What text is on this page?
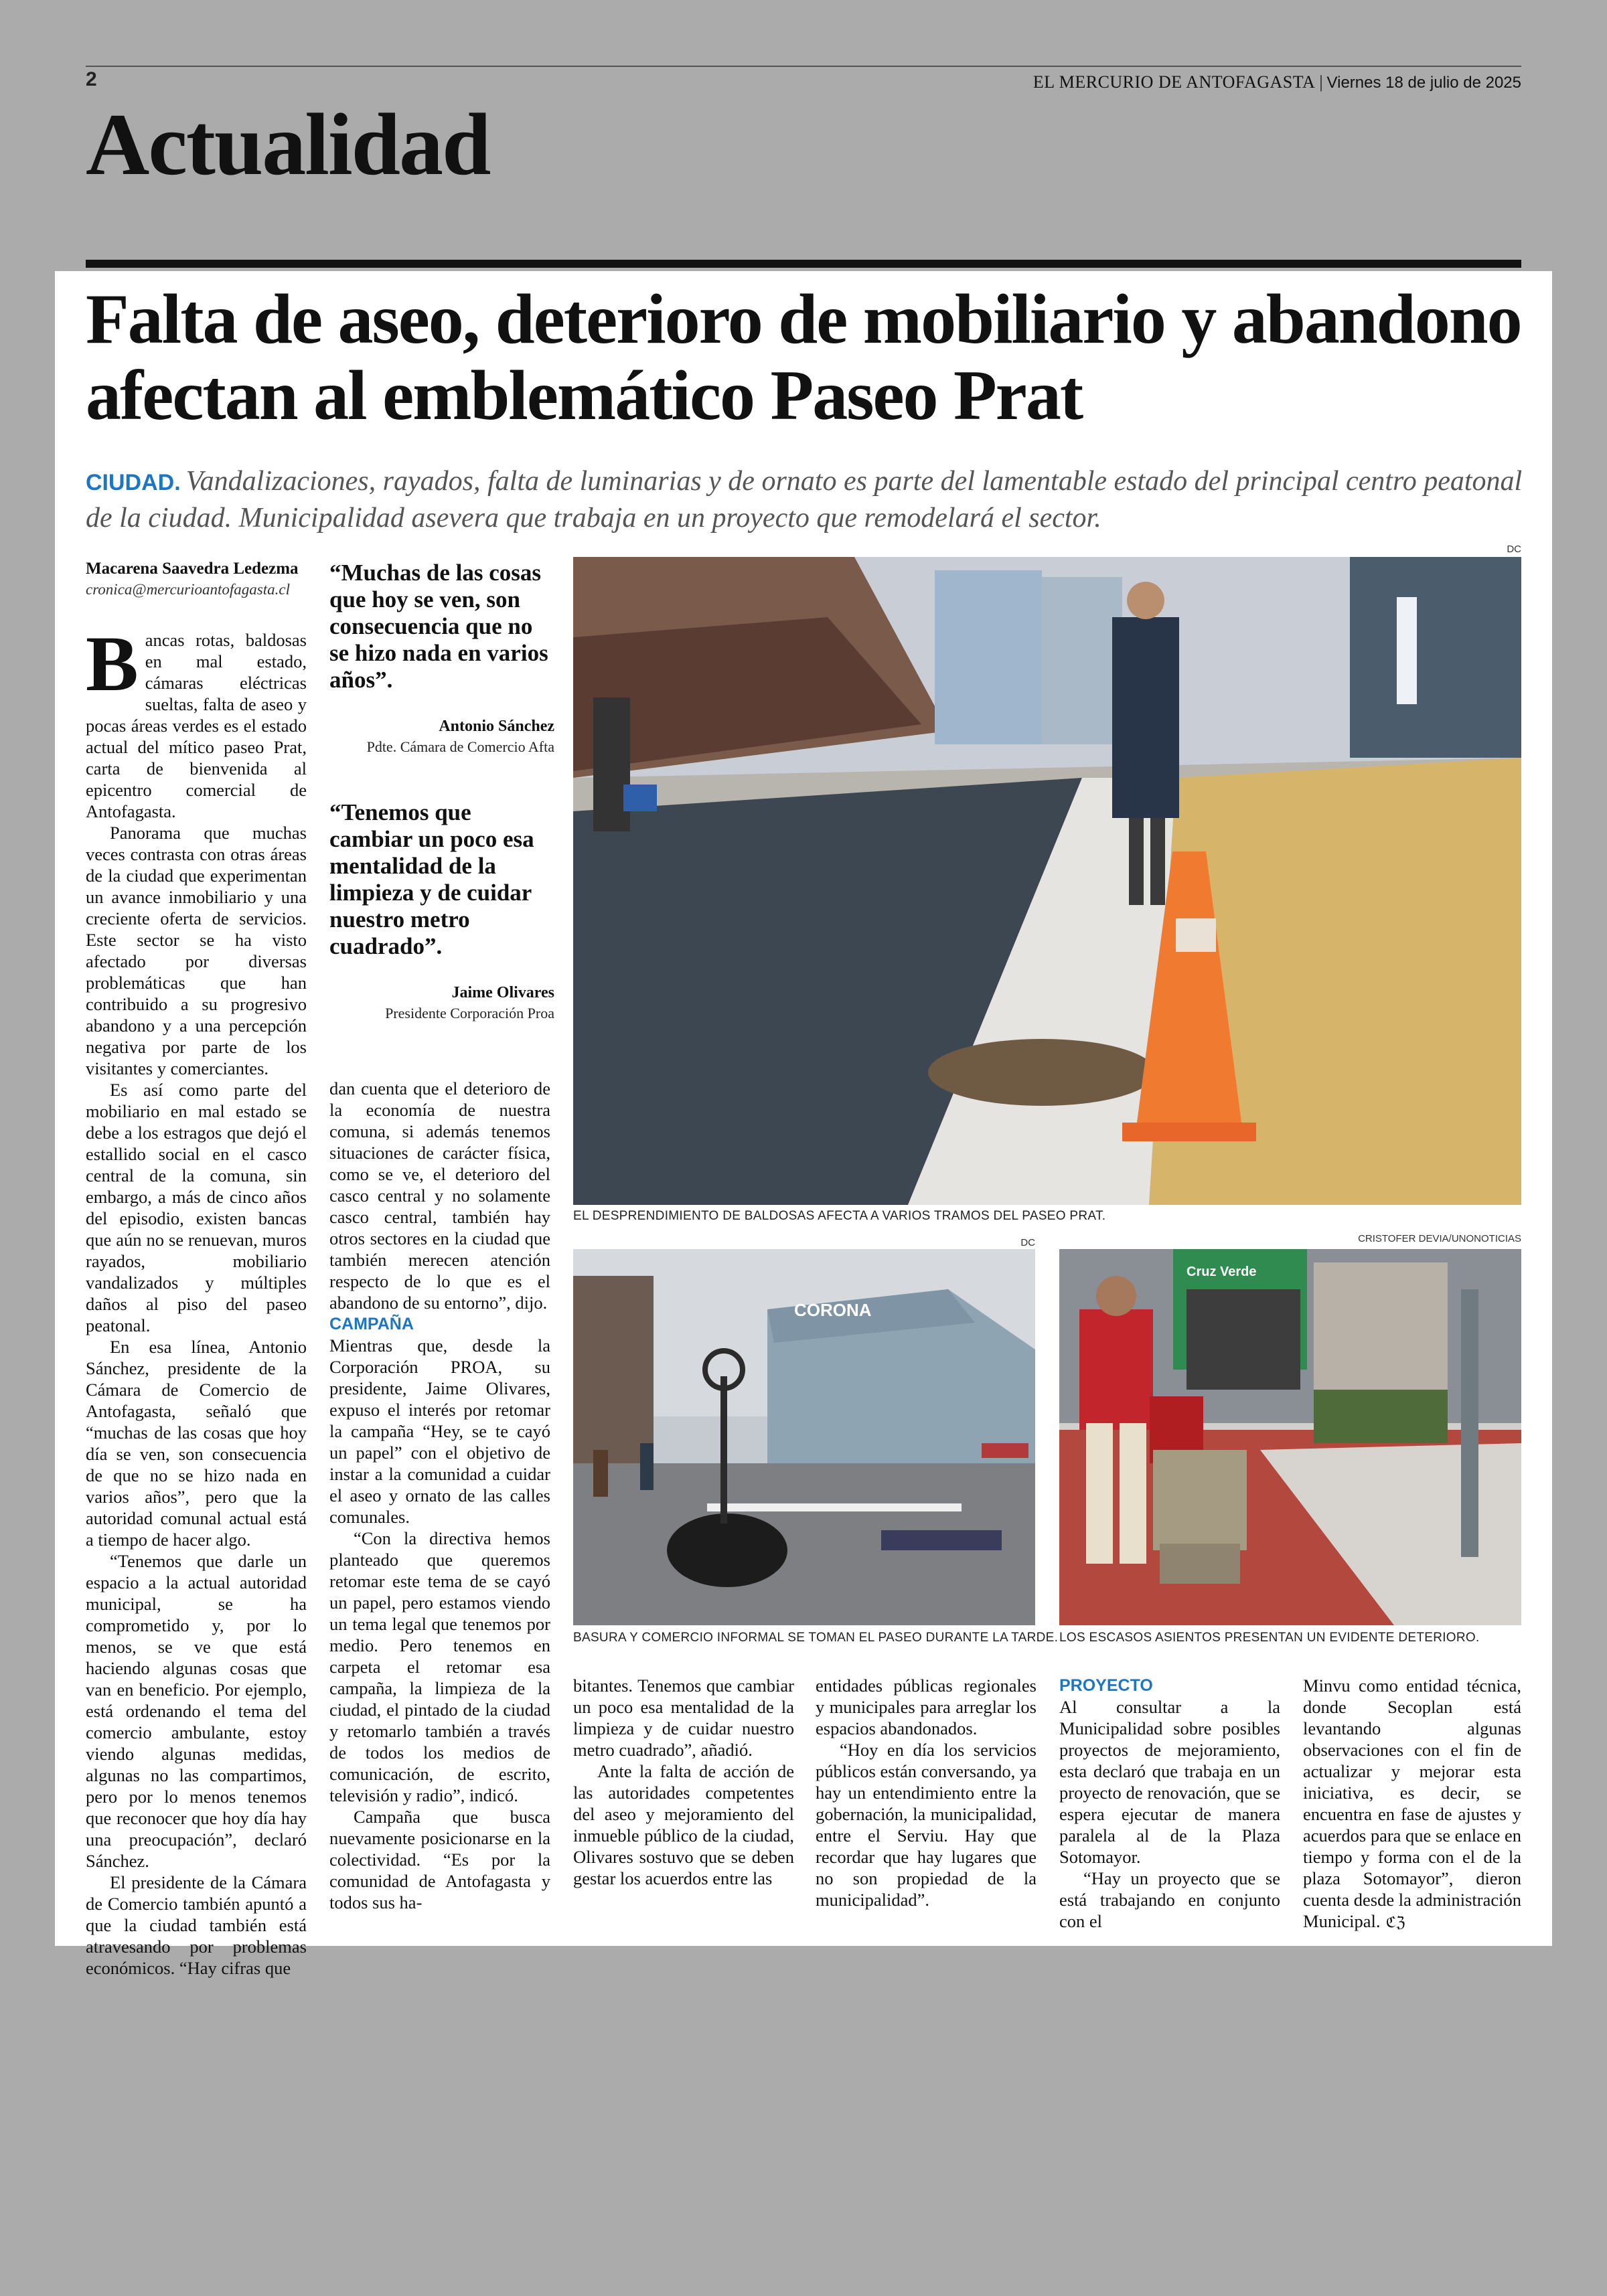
2	EL MERCURIO DE ANTOFAGASTA | Viernes 18 de julio de 2025
Actualidad
Falta de aseo, deterioro de mobiliario y abandono afectan al emblemático Paseo Prat
CIUDAD. Vandalizaciones, rayados, falta de luminarias y de ornato es parte del lamentable estado del principal centro peatonal de la ciudad. Municipalidad asevera que trabaja en un proyecto que remodelará el sector.
Macarena Saavedra Ledezma
cronica@mercurioantofagasta.cl

Bancas rotas, baldosas en mal estado, cámaras eléctricas sueltas, falta de aseo y pocas áreas verdes es el estado actual del mítico paseo Prat, carta de bienvenida al epicentro comercial de Antofagasta.

Panorama que muchas veces contrasta con otras áreas de la ciudad que experimentan un avance inmobiliario y una creciente oferta de servicios. Este sector se ha visto afectado por diversas problemáticas que han contribuido a su progresivo abandono y a una percepción negativa por parte de los visitantes y comerciantes.

Es así como parte del mobiliario en mal estado se debe a los estragos que dejó el estallido social en el casco central de la comuna, sin embargo, a más de cinco años del episodio, existen bancas que aún no se renuevan, muros rayados, mobiliario vandalizados y múltiples daños al piso del paseo peatonal.

En esa línea, Antonio Sánchez, presidente de la Cámara de Comercio de Antofagasta, señaló que “muchas de las cosas que hoy día se ven, son consecuencia de que no se hizo nada en varios años”, pero que la autoridad comunal actual está a tiempo de hacer algo.

“Tenemos que darle un espacio a la actual autoridad municipal, se ha comprometido y, por lo menos, se ve que está haciendo algunas cosas que van en beneficio. Por ejemplo, está ordenando el tema del comercio ambulante, estoy viendo algunas medidas, algunas no las compartimos, pero por lo menos tenemos que reconocer que hoy día hay una preocupación”, declaró Sánchez.

El presidente de la Cámara de Comercio también apuntó a que la ciudad también está atravesando por problemas económicos. “Hay cifras que

“Muchas de las cosas que hoy se ven, son consecuencia que no se hizo nada en varios años”.
Antonio Sánchez
Pdte. Cámara de Comercio Afta
“Tenemos que cambiar un poco esa mentalidad de la limpieza y de cuidar nuestro metro cuadrado”.
Jaime Olivares
Presidente Corporación Proa

dan cuenta que el deterioro de la economía de nuestra comuna, si además tenemos situaciones de carácter física, como se ve, el deterioro del casco central y no solamente casco central, también hay otros sectores en la ciudad que también merecen atención respecto de lo que es el abandono de su entorno”, dijo.

CAMPAÑA

Mientras que, desde la Corporación PROA, su presidente, Jaime Olivares, expuso el interés por retomar la campaña “Hey, se te cayó un papel” con el objetivo de instar a la comunidad a cuidar el aseo y ornato de las calles comunales.

“Con la directiva hemos planteado que queremos retomar este tema de se cayó un papel, pero estamos viendo un tema legal que tenemos por medio. Pero tenemos en carpeta el retomar esa campaña, la limpieza de la ciudad, el pintado de la ciudad y retomarlo también a través de todos los medios de comunicación, de escrito, televisión y radio”, indicó.

Campaña que busca nuevamente posicionarse en la colectividad. “Es por la comunidad de Antofagasta y todos sus ha-

DC
EL DESPRENDIMIENTO DE BALDOSAS AFECTA A VARIOS TRAMOS DEL PASEO PRAT.
DC
CORONA
BASURA Y COMERCIO INFORMAL SE TOMAN EL PASEO DURANTE LA TARDE.
CRISTOFER DEVIA/UNONOTICIAS
Cruz Verde
LOS ESCASOS ASIENTOS PRESENTAN UN EVIDENTE DETERIORO.

bitantes. Tenemos que cambiar un poco esa mentalidad de la limpieza y de cuidar nuestro metro cuadrado”, añadió.

Ante la falta de acción de las autoridades competentes del aseo y mejoramiento del inmueble público de la ciudad, Olivares sostuvo que se deben gestar los acuerdos entre las

entidades públicas regionales y municipales para arreglar los espacios abandonados.

“Hoy en día los servicios públicos están conversando, ya hay un entendimiento entre la gobernación, la municipalidad, entre el Serviu. Hay que recordar que hay lugares que no son propiedad de la municipalidad”.

PROYECTO

Al consultar a la Municipalidad sobre posibles proyectos de mejoramiento, esta declaró que trabaja en un proyecto de renovación, que se espera ejecutar de manera paralela al de la Plaza Sotomayor.

“Hay un proyecto que se está trabajando en conjunto con el

Minvu como entidad técnica, donde Secoplan está levantando algunas observaciones con el fin de actualizar y mejorar esta iniciativa, es decir, se encuentra en fase de ajustes y acuerdos para que se enlace en tiempo y forma con el de la plaza Sotomayor”, dieron cuenta desde la administración Municipal. ℭℨ
